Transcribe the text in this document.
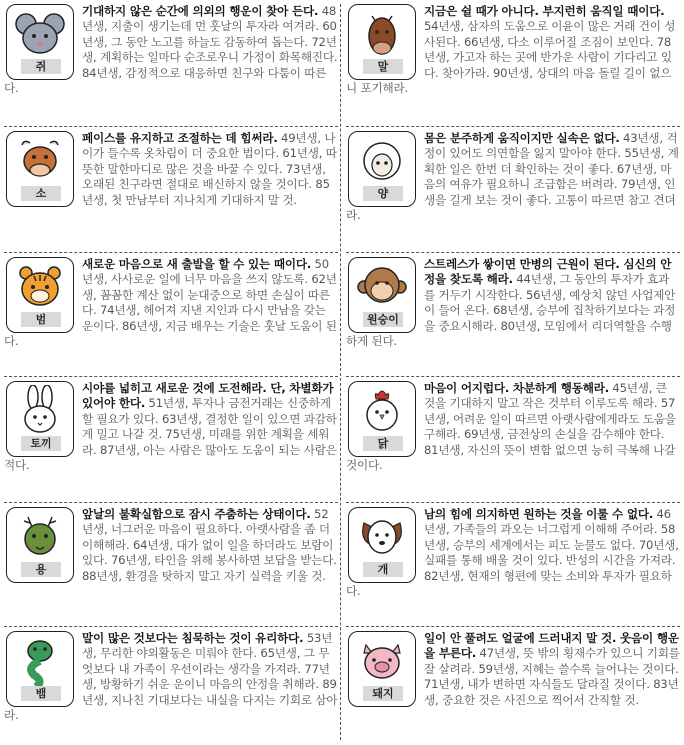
쥐
기대하지 않은 순간에 의외의 행운이 찾아 든다. 48년생, 지출이 생기는데 먼 훗날의 투자라 여겨라. 60년생, 그 동안 노고를 하늘도 감동하여 돕는다. 72년생, 계획하는 일마다 순조로우니 가정이 화목해진다. 84년생, 감정적으로 대응하면 친구와 다툼이 따른다.
소
페이스를 유지하고 조절하는 데 힘써라. 49년생, 나이가 들수록 옷차림이 더 중요한 법이다. 61년생, 따뜻한 말한마디로 많은 것을 바꿀 수 있다. 73년생, 오래된 친구라면 절대로 배신하지 않을 것이다. 85년생, 첫 만남부터 지나치게 기대하지 말 것.
범
새로운 마음으로 새 출발을 할 수 있는 때이다. 50년생, 사사로운 일에 너무 마음을 쓰지 않도록. 62년생, 꼼꼼한 계산 없이 눈대중으로 하면 손실이 따른다. 74년생, 헤어져 지낸 지인과 다시 만남을 갖는 운이다. 86년생, 지금 배우는 기술은 훗날 도움이 된다.
토끼
시야를 넓히고 새로운 것에 도전해라. 단, 차별화가 있어야 한다. 51년생, 투자나 금전거래는 신중하게 할 필요가 있다. 63년생, 결정한 일이 있으면 과감하게 밀고 나갈 것. 75년생, 미래를 위한 계획을 세워라. 87년생, 아는 사람은 많아도 도움이 되는 사람은 적다.
용
앞날의 불확실함으로 잠시 주춤하는 상태이다. 52년생, 너그러운 마음이 필요하다. 아랫사람을 좀 더 이해해라. 64년생, 대가 없이 일을 하더라도 보람이 있다. 76년생, 타인을 위해 봉사하면 보답을 받는다. 88년생, 환경을 탓하지 말고 자기 실력을 키울 것.
뱀
말이 많은 것보다는 침묵하는 것이 유리하다. 53년생, 무리한 야외활동은 미뤄야 한다. 65년생, 그 무엇보다 내 가족이 우선이라는 생각을 가져라. 77년생, 방황하기 쉬운 운이니 마음의 안정을 취해라. 89년생, 지나친 기대보다는 내실을 다지는 기회로 삼아라.
말
지금은 쉴 때가 아니다. 부지런히 움직일 때이다. 54년생, 삼자의 도움으로 이윤이 많은 거래 건이 성사된다. 66년생, 다소 이루어질 조짐이 보인다. 78년생, 가고자 하는 곳에 반가운 사람이 기다리고 있다. 찾아가라. 90년생, 상대의 마음 돌릴 길이 없으니 포기해라.
양
몸은 분주하게 움직이지만 실속은 없다. 43년생, 걱정이 있어도 의연함을 잃지 말아야 한다. 55년생, 계획한 일은 한번 더 확인하는 것이 좋다. 67년생, 마음의 여유가 필요하니 조급함은 버려라. 79년생, 인생을 길게 보는 것이 좋다. 고통이 따르면 참고 견뎌라.
원숭이
스트레스가 쌓이면 만병의 근원이 된다. 심신의 안정을 찾도록 해라. 44년생, 그 동안의 투자가 효과를 거두기 시작한다. 56년생, 예상치 않던 사업제안이 들어 온다. 68년생, 승부에 집착하기보다는 과정을 중요시해라. 80년생, 모임에서 리더역할을 수행하게 된다.
닭
마음이 어지럽다. 차분하게 행동해라. 45년생, 큰 것을 기대하지 말고 작은 것부터 이루도록 해라. 57년생, 어려운 일이 따르면 아랫사람에게라도 도움을 구해라. 69년생, 금전상의 손실을 감수해야 한다. 81년생, 자신의 뜻이 변함 없으면 능히 극복해 나갈 것이다.
개
남의 힘에 의지하면 원하는 것을 이룰 수 없다. 46년생, 가족들의 과오는 너그럽게 이해해 주어라. 58년생, 승부의 세계에서는 피도 눈물도 없다. 70년생, 실패를 통해 배울 것이 있다. 반성의 시간을 가져라. 82년생, 현재의 형편에 맞는 소비와 투자가 필요하다.
돼지
일이 안 풀려도 얼굴에 드러내지 말 것. 웃음이 행운을 부른다. 47년생, 뜻 밖의 횡재수가 있으니 기회를 잘 살려라. 59년생, 지혜는 쓸수록 늘어나는 것이다. 71년생, 내가 변하면 자식들도 달라질 것이다. 83년생, 중요한 것은 사진으로 찍어서 간직할 것.
